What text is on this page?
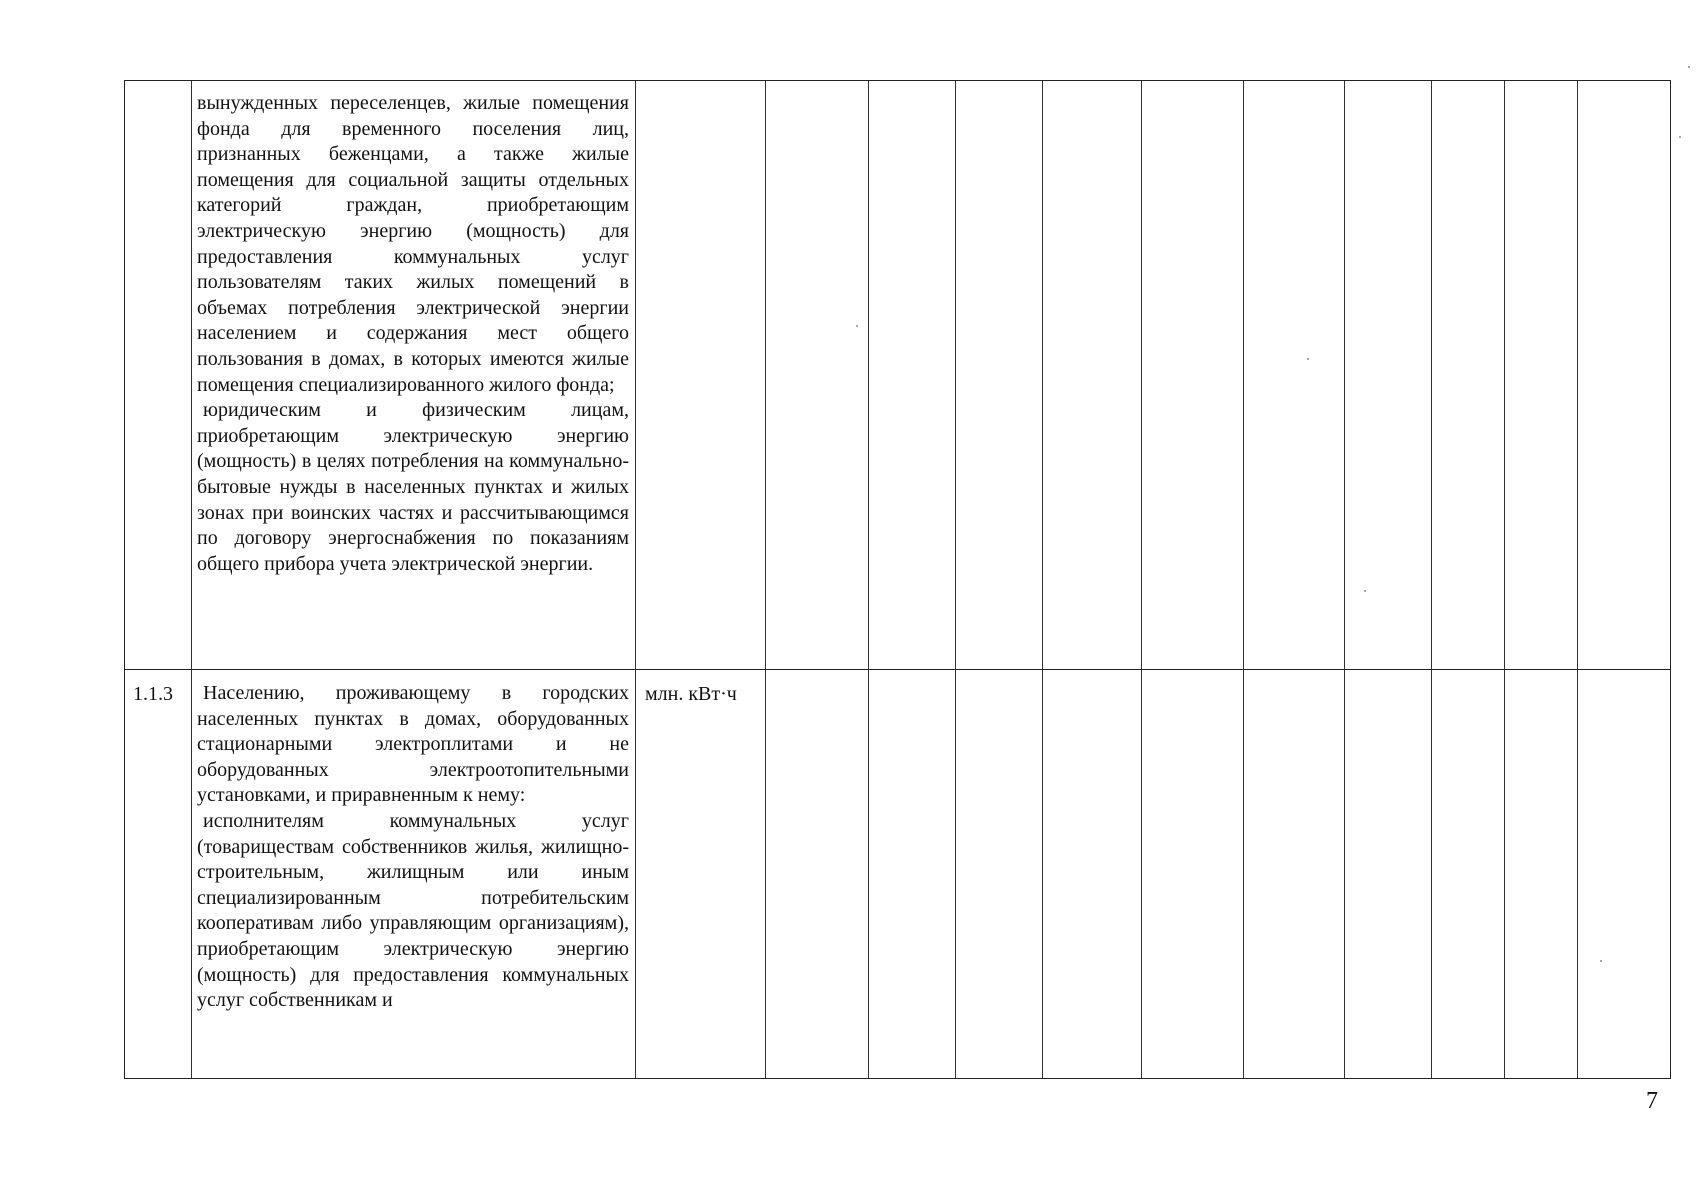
вынужденных переселенцев, жилые помещения фонда для временного поселения лиц, признанных беженцами, а также жилые помещения для социальной защиты отдельных категорий граждан, приобретающим электрическую энергию (мощность) для предоставления коммунальных услуг пользователям таких жилых помещений в объемах потребления электрической энергии населением и содержания мест общего пользования в домах, в которых имеются жилые помещения специализированного жилого фонда;
юридическим и физическим лицам, приобретающим электрическую энергию (мощность) в целях потребления на коммунально-бытовые нужды в населенных пунктах и жилых зонах при воинских частях и рассчитывающимся по договору энергоснабжения по показаниям общего прибора учета электрической энергии.
1.1.3	Населению, проживающему в городских населенных пунктах в домах, оборудованных стационарными электроплитами и не оборудованных электроотопительными установками, и приравненным к нему:
исполнителям коммунальных услуг (товариществам собственников жилья, жилищно-строительным, жилищным или иным специализированным потребительским кооперативам либо управляющим организациям), приобретающим электрическую энергию (мощность) для предоставления коммунальных услуг собственникам и
млн. кВт·ч
7
